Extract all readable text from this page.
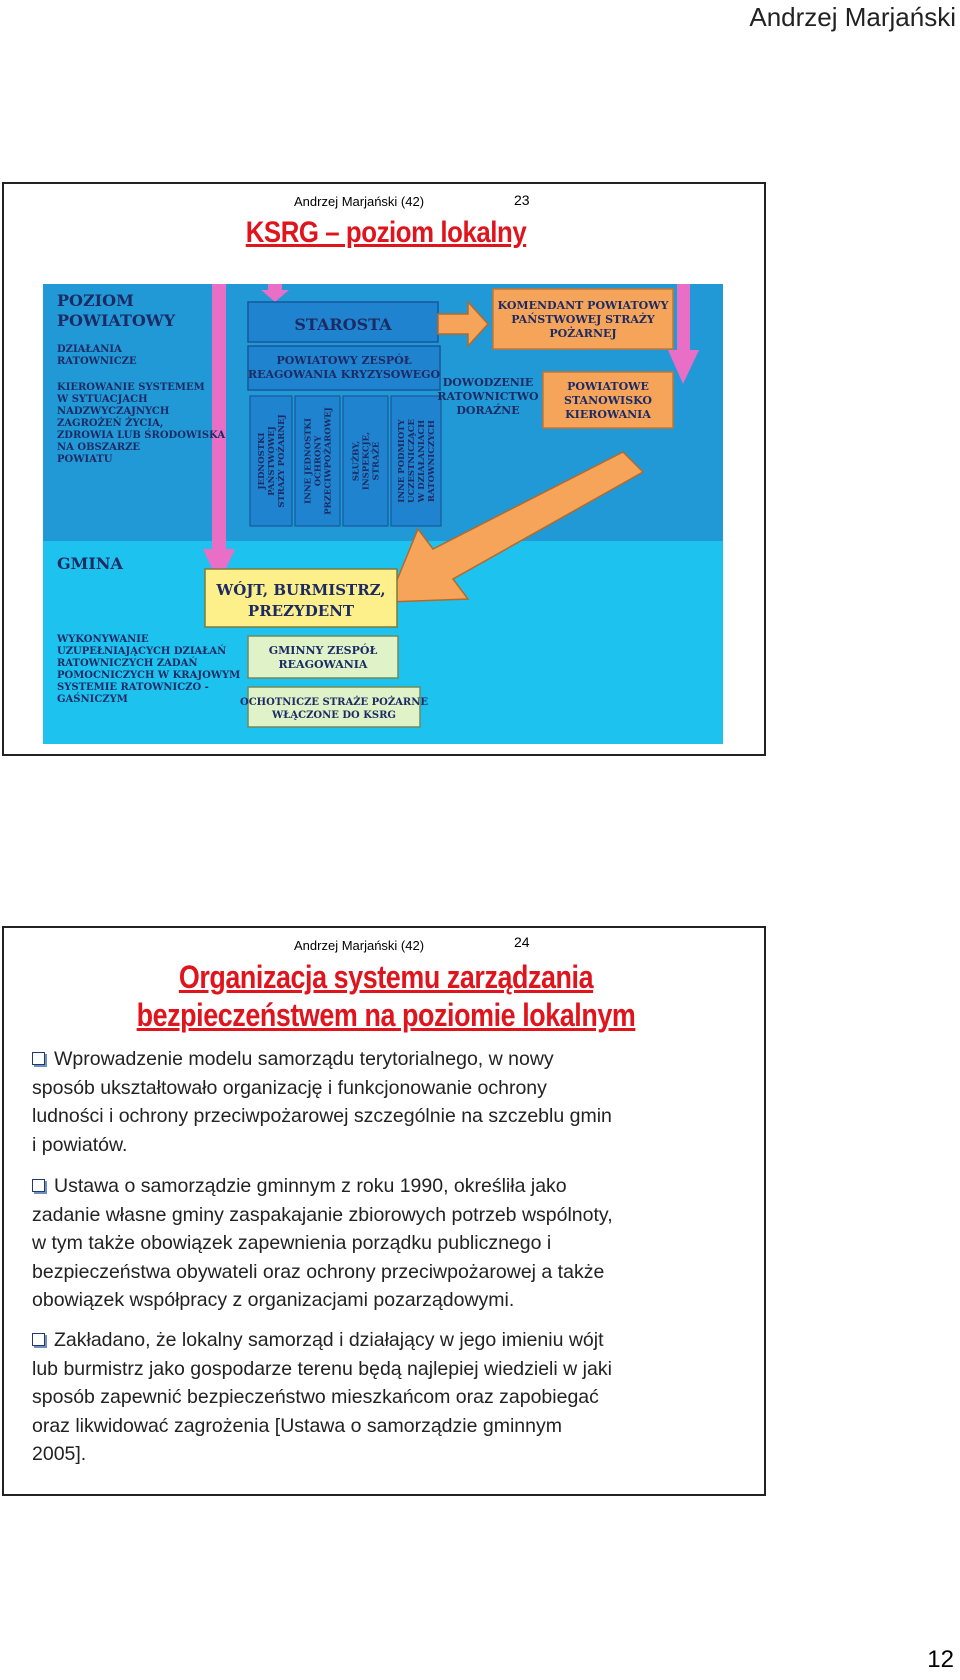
Andrzej Marjański
Andrzej Marjański (42)	23
KSRG – poziom lokalny
STAROSTA
KOMENDANT POWIATOWY PAŃSTWOWEJ STRAŻY POŻARNEJ
POWIATOWY ZESPÓŁ REAGOWANIA KRYZYSOWEGO
JEDNOSTKIPAŃSTWOWEJSTRAŻY POŻARNEJ INNE JEDNOSTKIOCHRONYPRZECIWPOŻAROWEJ	SŁUŻBY,INSPEKCJE,STRAŻE INNE PODMIOTYUCZESTNICZĄCEW DZIAŁANIACHRATOWNICZYCH
DOWODZENIE RATOWNICTWO DORAŹNE
POWIATOWE STANOWISKO KIEROWANIA
POZIOM POWIATOWY
DZIAŁANIA RATOWNICZE
KIEROWANIE SYSTEMEM W SYTUACJACH NADZWYCZAJNYCH ZAGROŻEŃ ŻYCIA, ZDROWIA LUB ŚRODOWISKA NA OBSZARZE POWIATU
GMINA
WYKONYWANIE UZUPEŁNIAJĄCYCH DZIAŁAŃ RATOWNICZYCH ZADAŃ POMOCNICZYCH W KRAJOWYM SYSTEMIE RATOWNICZO -GAŚNICZYM
WÓJT, BURMISTRZ, PREZYDENT
GMINNY ZESPÓŁ REAGOWANIA
OCHOTNICZE STRAŻE POŻARNE WŁĄCZONE DO KSRG
Andrzej Marjański (42)	24
Organizacja systemu zarządzania
bezpieczeństwem na poziomie lokalnym
Wprowadzenie modelu samorządu terytorialnego, w nowy
sposób ukształtowało organizację i funkcjonowanie ochrony
ludności i ochrony przeciwpożarowej szczególnie na szczeblu gmin
i powiatów.
Ustawa o samorządzie gminnym z roku 1990, określiła jako
zadanie własne gminy zaspakajanie zbiorowych potrzeb wspólnoty,
w tym także obowiązek zapewnienia porządku publicznego i
bezpieczeństwa obywateli oraz ochrony przeciwpożarowej a także
obowiązek współpracy z organizacjami pozarządowymi.
Zakładano, że lokalny samorząd i działający w jego imieniu wójt
lub burmistrz jako gospodarze terenu będą najlepiej wiedzieli w jaki
sposób zapewnić bezpieczeństwo mieszkańcom oraz zapobiegać
oraz likwidować zagrożenia [Ustawa o samorządzie gminnym
2005].
12
